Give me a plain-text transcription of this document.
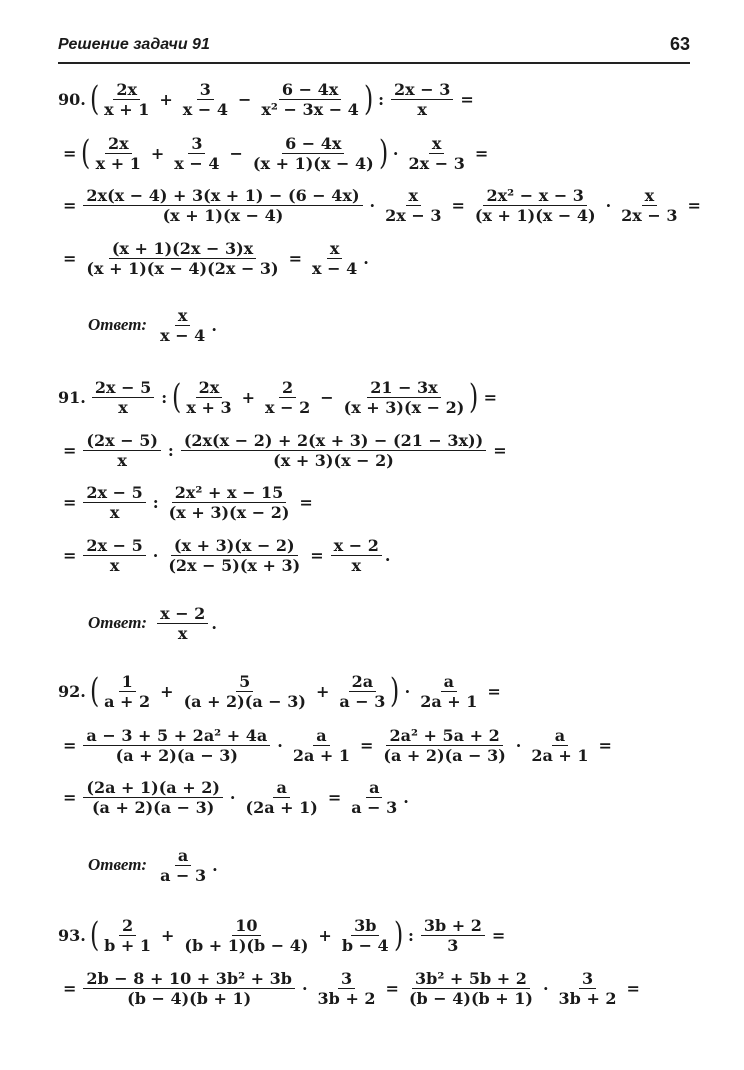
Решение задачи 91	63
90. ( $\frac{2x}{x + 1} + \frac{3}{x - 4} - \frac{6 - 4x}{\text{x² − 3x − 4}}$ ) : $\frac{2x - 3}{x}$ =
= ( $\frac{2x}{x + 1} + \frac{3}{x - 4} - \frac{6 - 4x}{(x + 1)(x - 4)}$ ) · $\frac{x}{2x - 3}$ =
= $\frac{2x(x - 4) + 3(x + 1) - (6 - 4x)}{(x + 1)(x - 4)} \cdot \frac{x}{2x - 3} = \frac{\text{2x² − x − 3}}{(x + 1)(x - 4)} \cdot \frac{x}{2x - 3}$ =
= $\frac{(x + 1)(2x - 3)x}{(x + 1)(x - 4)(2x - 3)} = \frac{x}{x - 4}$ .
Ответ: $\frac{x}{x - 4}$ .
91. $\frac{2x - 5}{x}$ : ( $\frac{2x}{x + 3} + \frac{2}{x - 2} - \frac{21 - 3x}{(x + 3)(x - 2)}$ ) =
= $\frac{(2x - 5)}{x}$ : $\frac{(2x(x - 2) + 2(x + 3) - (21 - 3x))}{(x + 3)(x - 2)}$ =
= $\frac{2x - 5}{x}$ : $\frac{\text{2x² + x − 15}}{(x + 3)(x - 2)}$ =
= $\frac{2x - 5}{x} \cdot \frac{(x + 3)(x - 2)}{(2x - 5)(x + 3)} = \frac{x - 2}{x}$ .
Ответ: $\frac{x - 2}{x}$ .
92. ( $\frac{1}{a + 2} + \frac{5}{(a + 2)(a - 3)} + \frac{2a}{a - 3}$ ) · $\frac{a}{2a + 1}$ =
= $\frac{\text{a − 3 + 5 + 2a² + 4a}}{(a + 2)(a - 3)} \cdot \frac{a}{2a + 1} = \frac{\text{2a² + 5a + 2}}{(a + 2)(a - 3)} \cdot \frac{a}{2a + 1}$ =
= $\frac{(2a + 1)(a + 2)}{(a + 2)(a - 3)} \cdot \frac{a}{(2a + 1)} = \frac{a}{a - 3}$ .
Ответ: $\frac{a}{a - 3}$ .
93. ( $\frac{2}{b + 1} + \frac{10}{(b + 1)(b - 4)} + \frac{3b}{b - 4}$ ) : $\frac{3b + 2}{3}$ =
= $\frac{\text{2b − 8 + 10 + 3b² + 3b}}{(b - 4)(b + 1)} \cdot \frac{3}{3b + 2} = \frac{\text{3b² + 5b + 2}}{(b - 4)(b + 1)} \cdot \frac{3}{3b + 2}$ =
